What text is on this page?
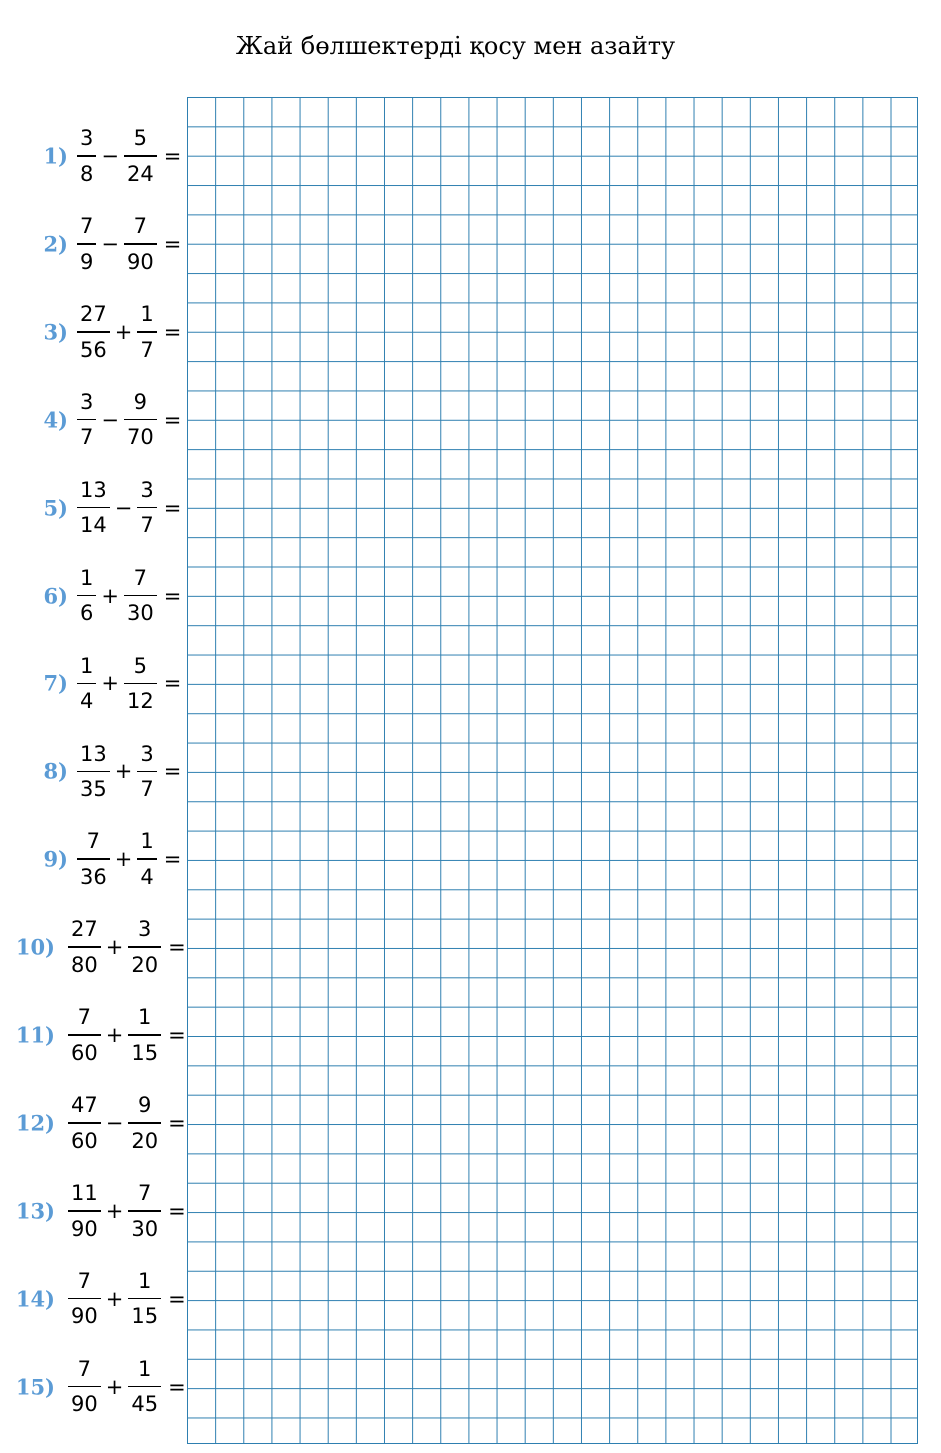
Жай бөлшектерді қосу мен азайту
$1) \frac{3}{8} - \frac{5}{24}$ =
$2) \frac{7}{9} - \frac{7}{90}$ =
$3) \frac{27}{56} + \frac{1}{7}$ =
$4) \frac{3}{7} - \frac{9}{70}$ =
$5) \frac{13}{14} - \frac{3}{7}$ =
$6) \frac{1}{6} + \frac{7}{30}$ =
$7) \frac{1}{4} + \frac{5}{12}$ =
$8) \frac{13}{35} + \frac{3}{7}$ =
$9) \frac{7}{36} + \frac{1}{4}$ =
$10) \frac{27}{80} + \frac{3}{20}$ =
$11) \frac{7}{60} + \frac{1}{15}$ =
$12) \frac{47}{60} - \frac{9}{20}$ =
$13) \frac{11}{90} + \frac{7}{30}$ =
$14) \frac{7}{90} + \frac{1}{15}$ =
$15) \frac{7}{90} + \frac{1}{45}$ =
